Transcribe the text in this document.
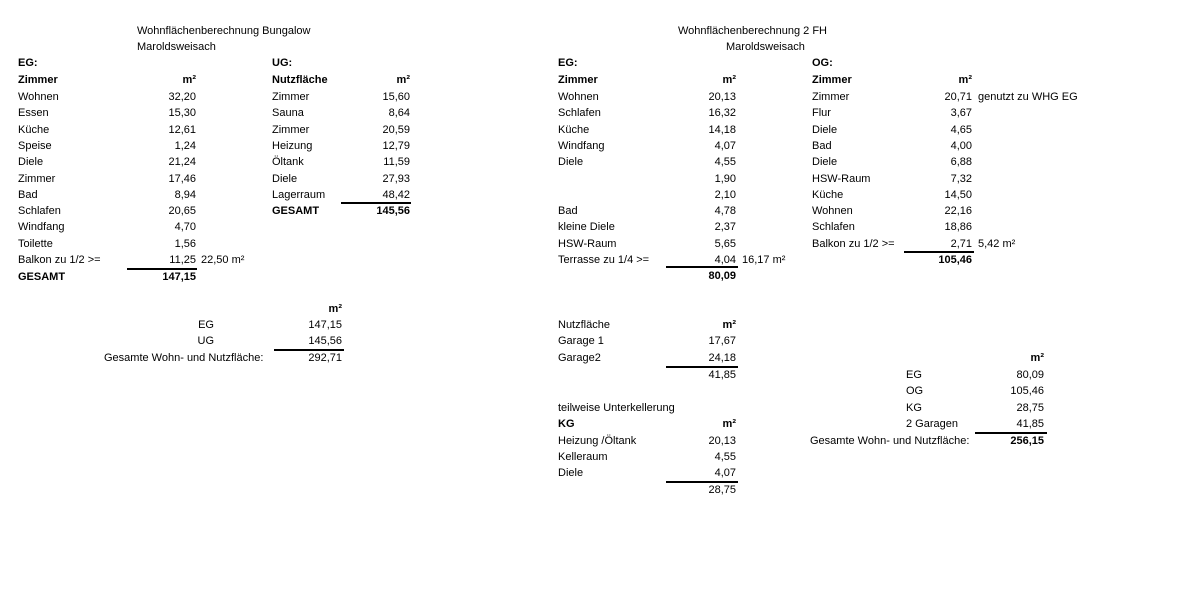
Wohnflächenberechnung Bungalow
Maroldsweisach
EG:
Zimmer	m²
Wohnen	32,20
Essen	15,30
Küche	12,61
Speise	1,24
Diele	21,24
Zimmer	17,46
Bad	8,94
Schlafen	20,65
Windfang	4,70
Toilette	1,56
Balkon zu 1/2 >=	11,25 22,50 m²
GESAMT	147,15
UG:
Nutzfläche	m²
Zimmer	15,60
Sauna	8,64
Zimmer	20,59
Heizung	12,79
Öltank	11,59
Diele	27,93
Lagerraum	48,42
GESAMT	145,56
m²
EG	147,15
UG	145,56
Gesamte Wohn- und Nutzfläche:	292,71
Wohnflächenberechnung 2 FH
Maroldsweisach
EG:
Zimmer	m²
Wohnen	20,13
Schlafen	16,32
Küche	14,18
Windfang	4,07
Diele	4,55
1,90
2,10
Bad	4,78
kleine Diele	2,37
HSW-Raum	5,65
Terrasse zu 1/4 >=	4,04 16,17 m²
80,09
OG:
Zimmer	m²
Zimmer	20,71 genutzt zu WHG EG
Flur	3,67
Diele	4,65
Bad	4,00
Diele	6,88
HSW-Raum	7,32
Küche	14,50
Wohnen	22,16
Schlafen	18,86
Balkon zu 1/2 >=	2,71 5,42 m²
105,46
Nutzfläche	m²
Garage 1	17,67
Garage2	24,18
41,85
teilweise Unterkellerung
KG	m²
Heizung /Öltank	20,13
Kelleraum	4,55
Diele	4,07
28,75
m²
EG	80,09
OG	105,46
KG	28,75
2 Garagen	41,85
Gesamte Wohn- und Nutzfläche:	256,15
